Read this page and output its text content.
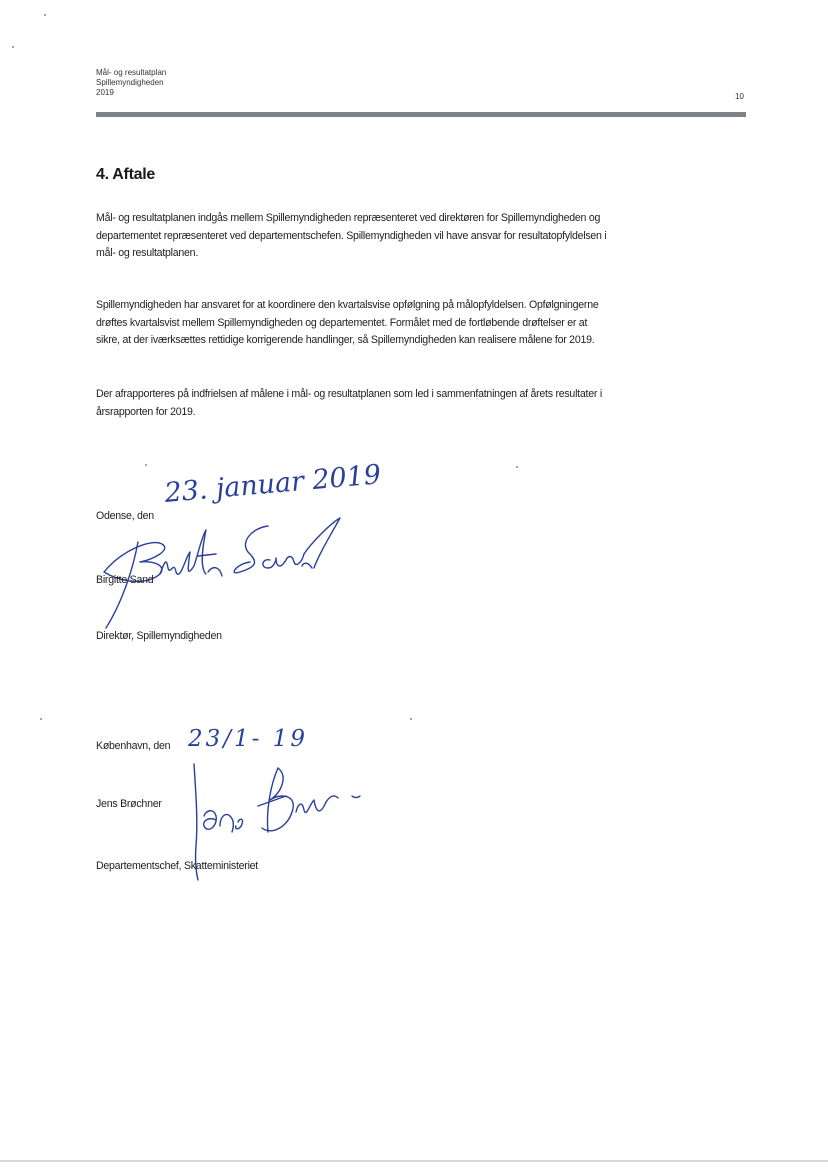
Mål- og resultatplan
Spillemyndigheden
2019	10
4. Aftale

Mål- og resultatplanen indgås mellem Spillemyndigheden repræsenteret ved direktøren for Spillemyndigheden og departementet repræsenteret ved departementschefen. Spillemyndigheden vil have ansvar for resultatopfyldelsen i mål- og resultatplanen.

Spillemyndigheden har ansvaret for at koordinere den kvartalsvise opfølgning på målopfyldelsen. Opfølgningerne drøftes kvartalsvist mellem Spillemyndigheden og departementet. Formålet med de fortløbende drøftelser er at sikre, at der iværksættes rettidige korrigerende handlinger, så Spillemyndigheden kan realisere målene for 2019.

Der afrapporteres på indfrielsen af målene i mål- og resultatplanen som led i sammenfatningen af årets resultater i årsrapporten for 2019.

Odense, den
23. januar 2019
Birgitte Sand
Direktør, Spillemyndigheden
København, den 23/1- 19
Jens Brøchner
Departementschef, Skatteministeriet
